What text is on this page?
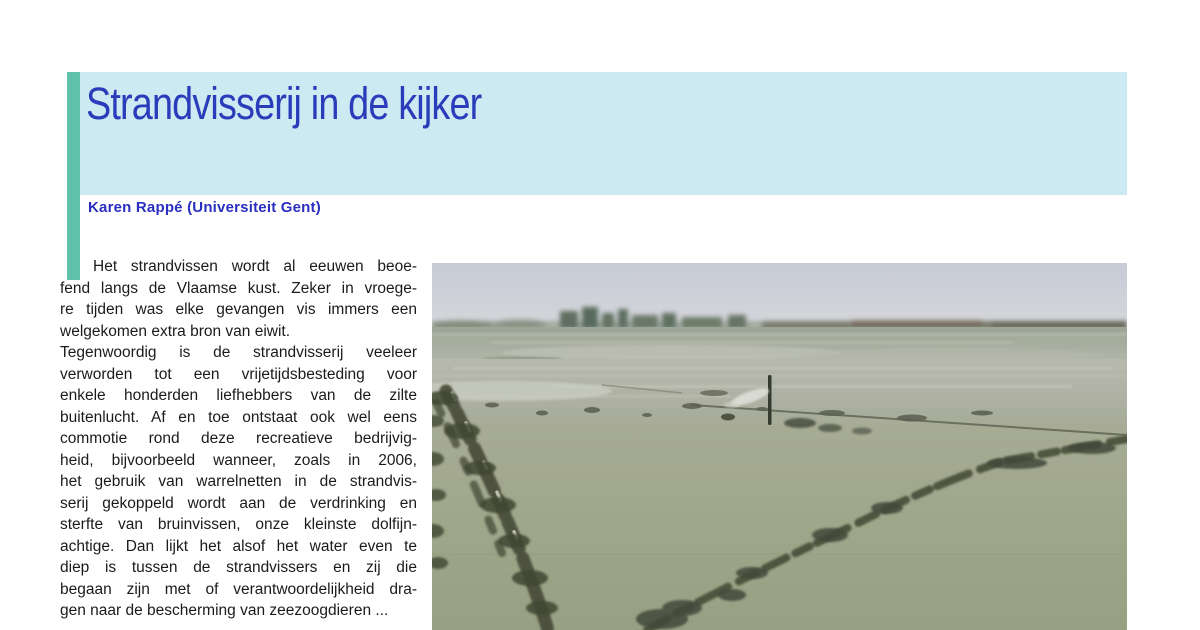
Strandvisserij in de kijker
Karen Rappé (Universiteit Gent)
Het strandvissen wordt al eeuwen beoe-
fend langs de Vlaamse kust. Zeker in vroege-
re tijden was elke gevangen vis immers een
welgekomen extra bron van eiwit.
Tegenwoordig is de strandvisserij veeleer
verworden tot een vrijetijdsbesteding voor
enkele honderden liefhebbers van de zilte
buitenlucht. Af en toe ontstaat ook wel eens
commotie rond deze recreatieve bedrijvig-
heid, bijvoorbeeld wanneer, zoals in 2006,
het gebruik van warrelnetten in de strandvis-
serij gekoppeld wordt aan de verdrinking en
sterfte van bruinvissen, onze kleinste dolfijn-
achtige. Dan lijkt het alsof het water even te
diep is tussen de strandvissers en zij die
begaan zijn met of verantwoordelijkheid dra-
gen naar de bescherming van zeezoogdieren ...
